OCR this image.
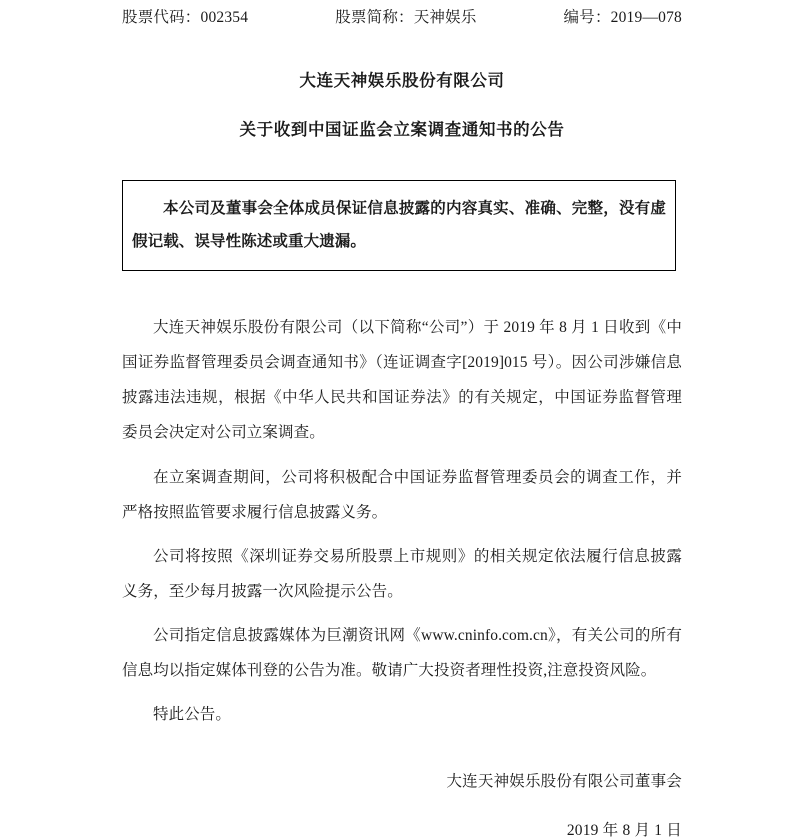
股票代码：002354	股票简称：天神娱乐	编号：2019—078
大连天神娱乐股份有限公司
关于收到中国证监会立案调查通知书的公告

本公司及董事会全体成员保证信息披露的内容真实、准确、完整，没有虚假记载、误导性陈述或重大遗漏。

大连天神娱乐股份有限公司（以下简称“公司”）于 2019 年 8 月 1 日收到《中国证券监督管理委员会调查通知书》（连证调查字[2019]015 号）。因公司涉嫌信息披露违法违规，根据《中华人民共和国证券法》的有关规定，中国证券监督管理委员会决定对公司立案调查。

在立案调查期间，公司将积极配合中国证券监督管理委员会的调查工作，并严格按照监管要求履行信息披露义务。

公司将按照《深圳证券交易所股票上市规则》的相关规定依法履行信息披露义务，至少每月披露一次风险提示公告。

公司指定信息披露媒体为巨潮资讯网《www.cninfo.com.cn》，有关公司的所有信息均以指定媒体刊登的公告为准。敬请广大投资者理性投资,注意投资风险。

特此公告。

大连天神娱乐股份有限公司董事会
2019 年 8 月 1 日
